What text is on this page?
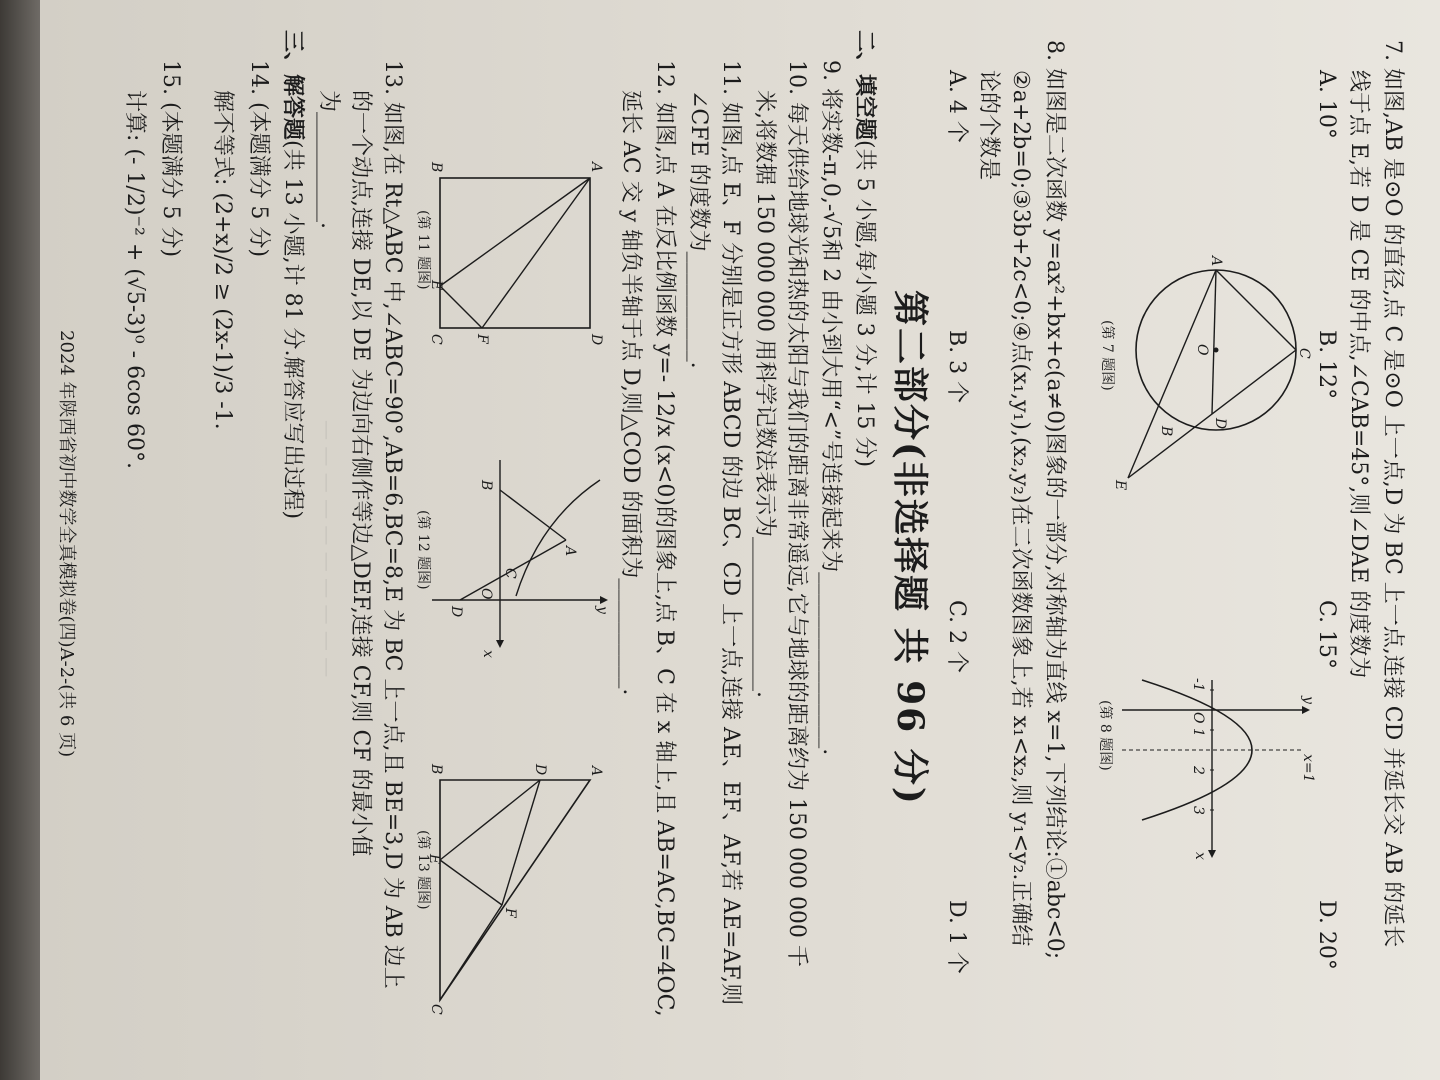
— — — — — — — — — —	7. 如图,AB 是⊙O 的直径,点 C 是⊙O 上一点,D 为 BC 上一点,连接 CD 并延长交 AB 的延长
线于点 E,若 D 是 CE 的中点,∠CAB=45°,则∠DAE 的度数为
A. 10°
B. 12°
C. 15°
D. 20°
C
D
A
O
B
E
(第 7 题图)
y
x=1
-1
O
1
2
3
x
(第 8 题图)
8. 如图是二次函数 y=ax²+bx+c(a≠0)图象的一部分,对称轴为直线 x=1,下列结论:①abc<0;
②a+2b=0;③3b+2c<0;④点(x₁,y₁),(x₂,y₂)在二次函数图象上,若 x₁<x₂,则 y₁<y₂.正确结
论的个数是
A. 4 个
B. 3 个
C. 2 个
D. 1 个
第二部分(非选择题 共 96 分)
二、填空题(共 5 小题,每小题 3 分,计 15 分)
9. 将实数-π,0,-√5和 2 由小到大用“<”号连接起来为________________.
10. 每天供给地球光和热的太阳与我们的距离非常遥远,它与地球的距离约为 150 000 000 千
米,将数据 150 000 000 用科学记数法表示为______________.
11. 如图,点 E、F 分别是正方形 ABCD 的边 BC、CD 上一点,连接 AE、EF、AF,若 AE=AF,则
∠CFE 的度数为__________.
12. 如图,点 A 在反比例函数 y=- 12/x (x<0)的图象上,点 B、C 在 x 轴上,且 AB=AC,BC=4OC,
延长 AC 交 y 轴负半轴于点 D,则△COD 的面积为__________.
A
D
F
(第 11 题图)
y
A
B
C
O
x
D
(第 12 题图)
A
D
F
(第 13 题图)
13. 如图,在 Rt△ABC 中,∠ABC=90°,AB=6,BC=8,E 为 BC 上一点,且 BE=3,D 为 AB 边上
的一个动点,连接 DE,以 DE 为边向右侧作等边△DEF,连接 CF,则 CF 的最小值
为__________.
三、解答题(共 13 小题,计 81 分.解答应写出过程)
14. (本题满分 5 分)
解不等式: (2+x)/2 ≥ (2x-1)/3 -1.
15. (本题满分 5 分)
计算: (- 1/2)⁻² + (√5-3)⁰ - 6cos 60°.
2024 年陕西省初中数学全真模拟卷(四)A-2-(共 6 页)
